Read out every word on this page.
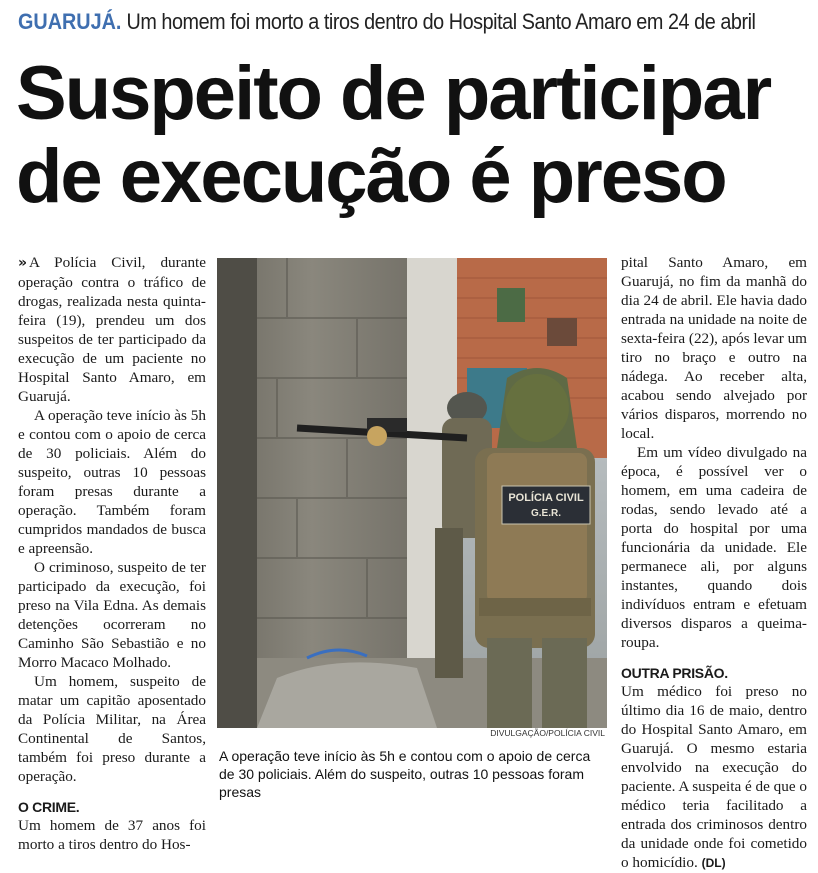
GUARUJÁ. Um homem foi morto a tiros dentro do Hospital Santo Amaro em 24 de abril
Suspeito de participar
de execução é preso

» A Polícia Civil, durante operação contra o tráfico de drogas, realizada nesta quinta-feira (19), prendeu um dos suspeitos de ter participado da execução de um paciente no Hospital Santo Amaro, em Guarujá.

A operação teve início às 5h e contou com o apoio de cerca de 30 policiais. Além do suspeito, outras 10 pessoas foram presas durante a operação. Também foram cumpridos mandados de busca e apreensão.

O criminoso, suspeito de ter participado da execução, foi preso na Vila Edna. As demais detenções ocorreram no Caminho São Sebastião e no Morro Macaco Molhado.

Um homem, suspeito de matar um capitão aposentado da Polícia Militar, na Área Continental de Santos, também foi preso durante a operação.

O CRIME.

Um homem de 37 anos foi morto a tiros dentro do Hos-

POLÍCIA CIVIL
G.E.R.
DIVULGAÇÃO/POLÍCIA CIVIL
A operação teve início às 5h e contou com o apoio de cerca de 30 policiais. Além do suspeito, outras 10 pessoas foram presas

pital Santo Amaro, em Guarujá, no fim da manhã do dia 24 de abril. Ele havia dado entrada na unidade na noite de sexta-feira (22), após levar um tiro no braço e outro na nádega. Ao receber alta, acabou sendo alvejado por vários disparos, morrendo no local.

Em um vídeo divulgado na época, é possível ver o homem, em uma cadeira de rodas, sendo levado até a porta do hospital por uma funcionária da unidade. Ele permanece ali, por alguns instantes, quando dois indivíduos entram e efetuam diversos disparos a queima-roupa.

OUTRA PRISÃO.

Um médico foi preso no último dia 16 de maio, dentro do Hospital Santo Amaro, em Guarujá. O mesmo estaria envolvido na execução do paciente. A suspeita é de que o médico teria facilitado a entrada dos criminosos dentro da unidade onde foi cometido o homicídio. (DL)
